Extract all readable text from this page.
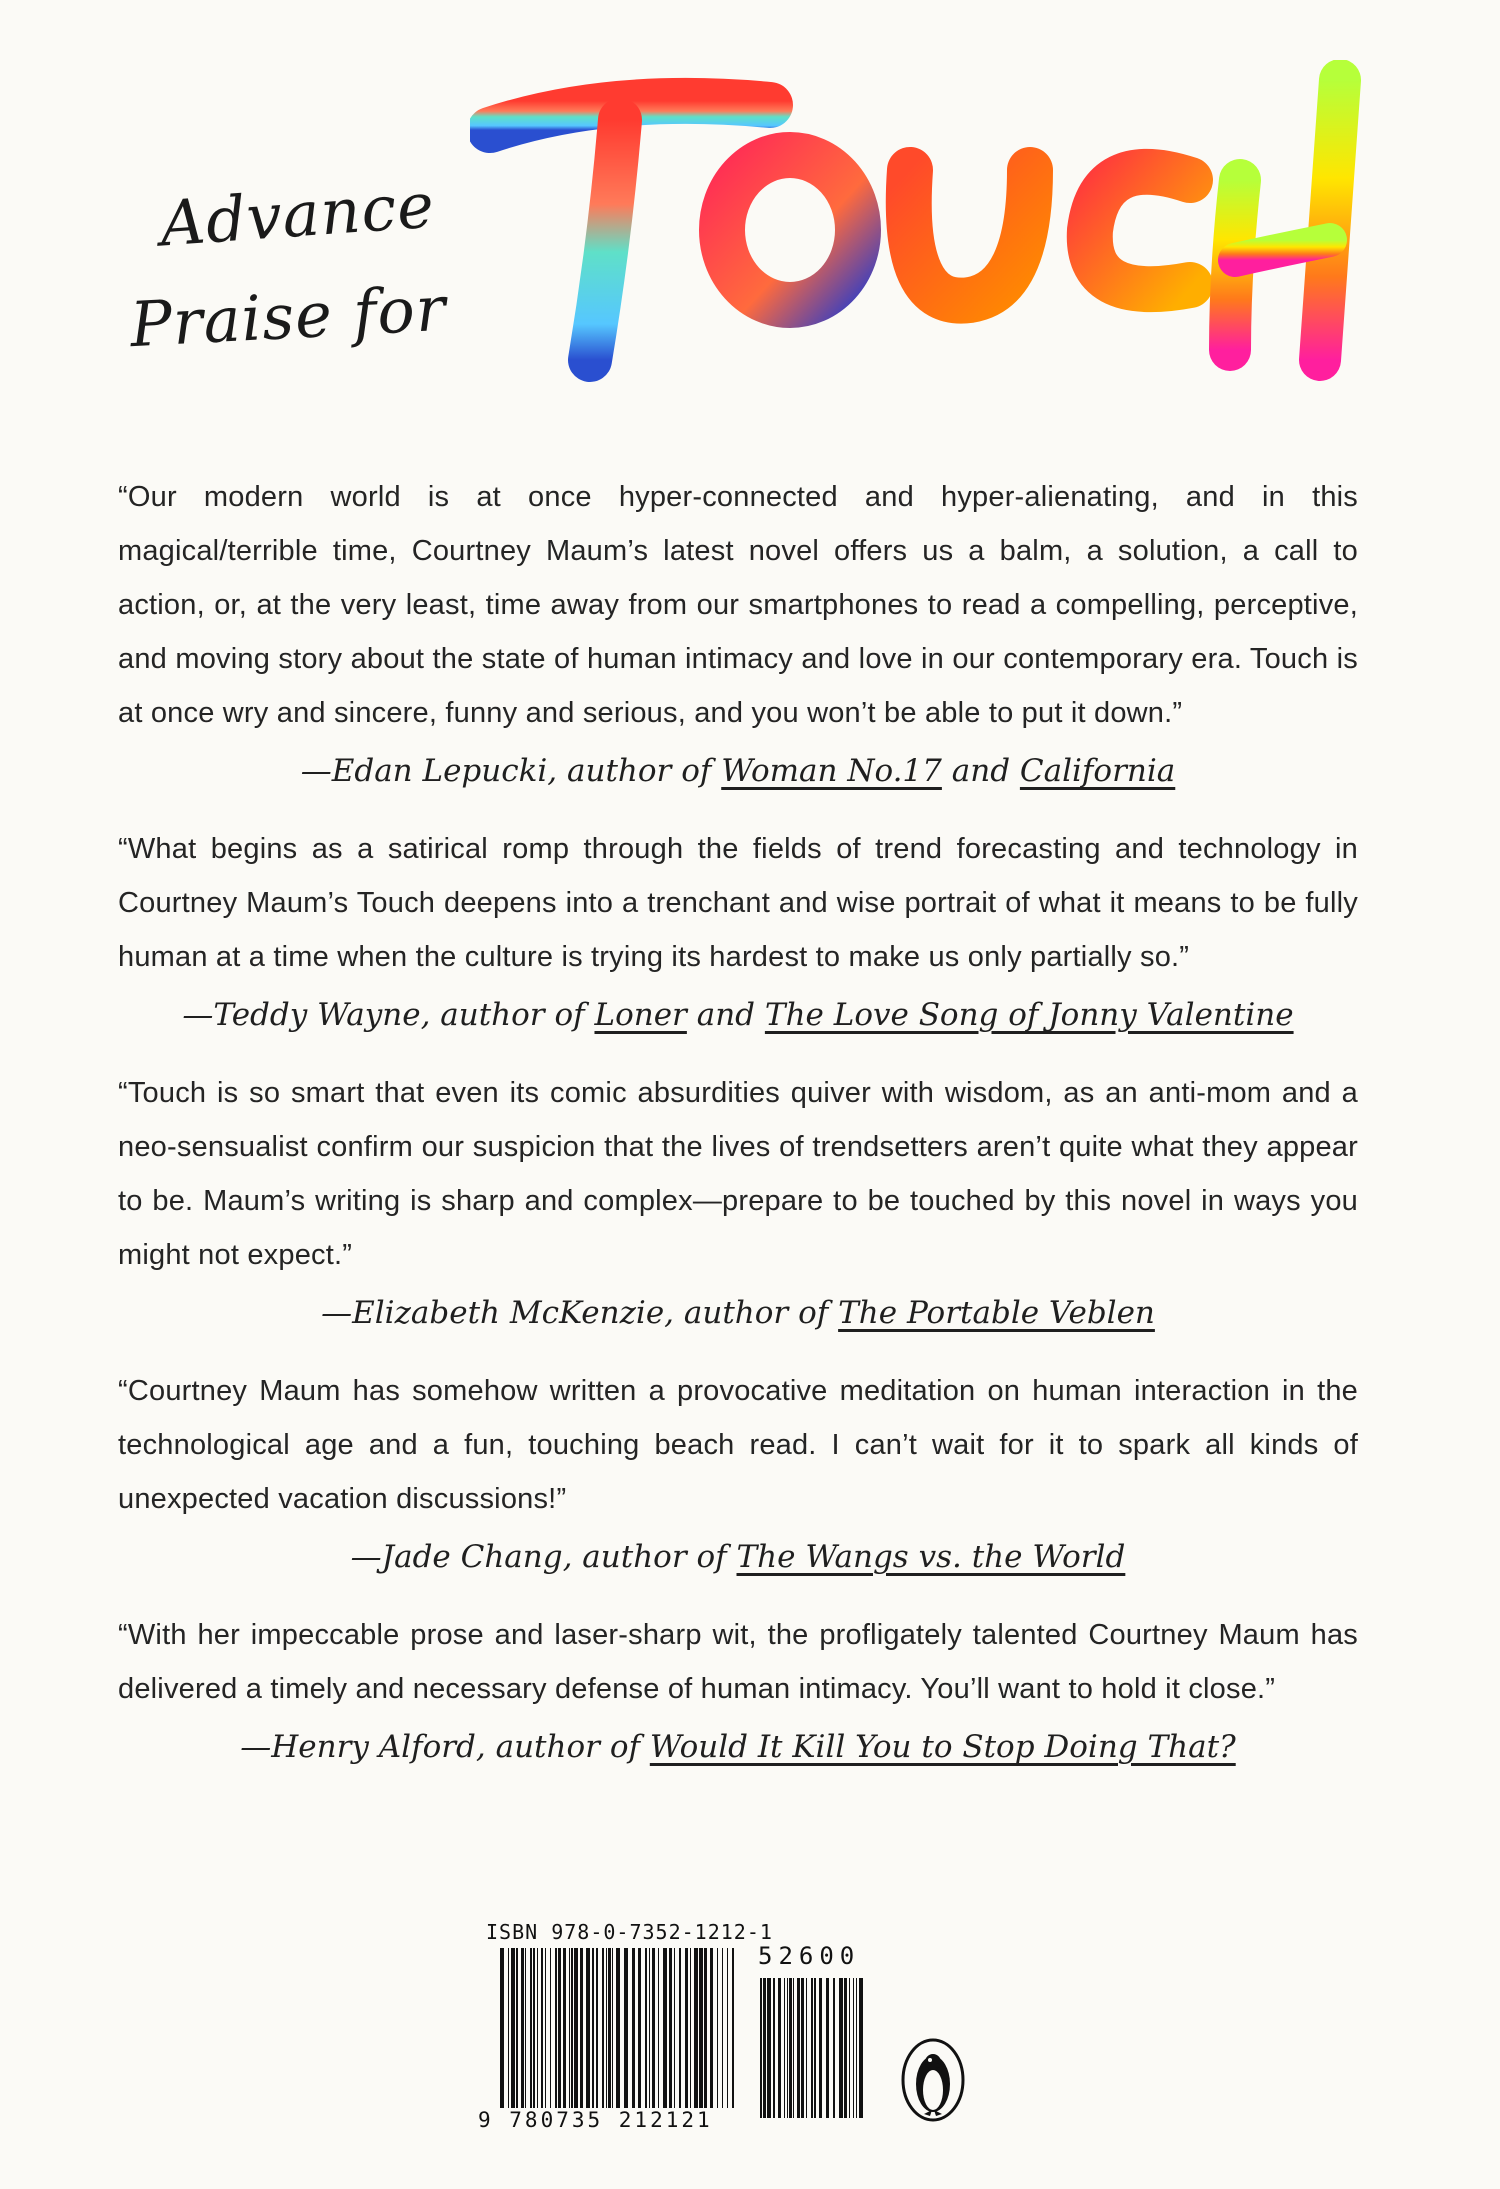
Advance
Praise for

“Our modern world is at once hyper-connected and hyper-alienating, and in this magical/terrible time, Courtney Maum’s latest novel offers us a balm, a solution, a call to action, or, at the very least, time away from our smartphones to read a compelling, perceptive, and moving story about the state of human intimacy and love in our contemporary era. Touch is at once wry and sincere, funny and serious, and you won’t be able to put it down.”

—Edan Lepucki, author of Woman No.17 and California

“What begins as a satirical romp through the fields of trend forecasting and technology in Courtney Maum’s Touch deepens into a trenchant and wise portrait of what it means to be fully human at a time when the culture is trying its hardest to make us only partially so.”

—Teddy Wayne, author of Loner and The Love Song of Jonny Valentine

“Touch is so smart that even its comic absurdities quiver with wisdom, as an anti-mom and a neo-sensualist confirm our suspicion that the lives of trendsetters aren’t quite what they appear to be. Maum’s writing is sharp and complex—prepare to be touched by this novel in ways you might not expect.”

—Elizabeth McKenzie, author of The Portable Veblen

“Courtney Maum has somehow written a provocative meditation on human interaction in the technological age and a fun, touching beach read. I can’t wait for it to spark all kinds of unexpected vacation discussions!”

—Jade Chang, author of The Wangs vs. the World

“With her impeccable prose and laser-sharp wit, the profligately talented Courtney Maum has delivered a timely and necessary defense of human intimacy. You’ll want to hold it close.”

—Henry Alford, author of Would It Kill You to Stop Doing That?

ISBN 978-0-7352-1212-1
52600
9 780735 212121
